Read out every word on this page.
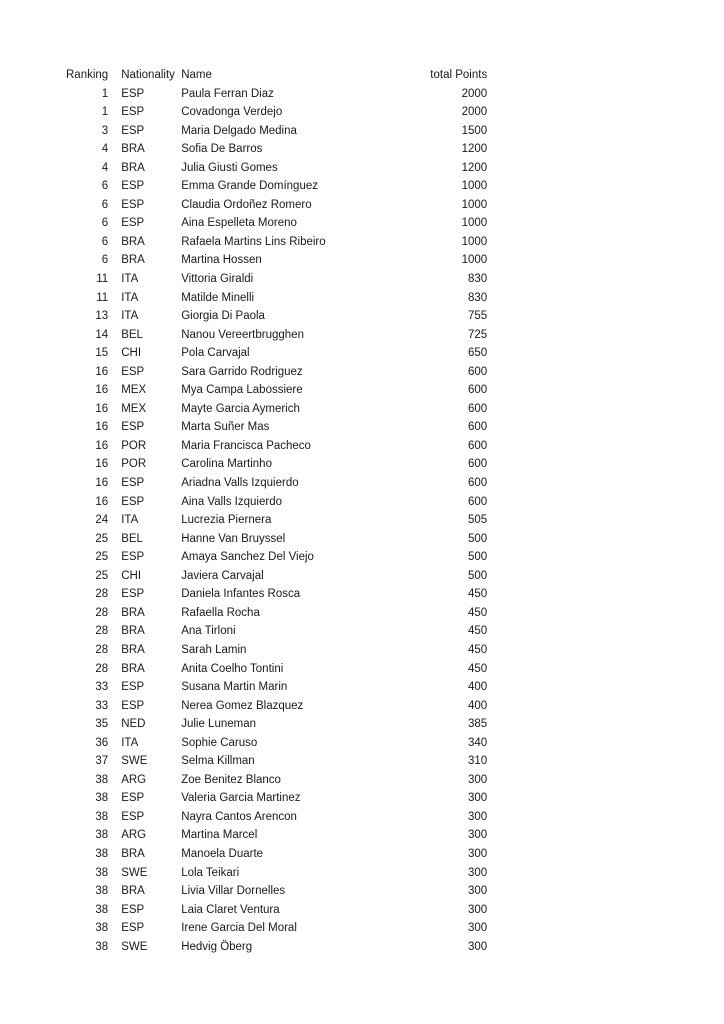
Ranking	Nationality	Name	total Points
1	ESP	Paula Ferran Diaz	2000
1	ESP	Covadonga Verdejo	2000
3	ESP	Maria Delgado Medina	1500
4	BRA	Sofia De Barros	1200
4	BRA	Julia Giusti Gomes	1200
6	ESP	Emma Grande Domínguez	1000
6	ESP	Claudia Ordoñez Romero	1000
6	ESP	Aina Espelleta Moreno	1000
6	BRA	Rafaela Martins Lins Ribeiro	1000
6	BRA	Martina Hossen	1000
11	ITA	Vittoria Giraldi	830
11	ITA	Matilde Minelli	830
13	ITA	Giorgia Di Paola	755
14	BEL	Nanou Vereertbrugghen	725
15	CHI	Pola Carvajal	650
16	ESP	Sara Garrido Rodriguez	600
16	MEX	Mya Campa Labossiere	600
16	MEX	Mayte Garcia Aymerich	600
16	ESP	Marta Suñer Mas	600
16	POR	Maria Francisca Pacheco	600
16	POR	Carolina Martinho	600
16	ESP	Ariadna Valls Izquierdo	600
16	ESP	Aina Valls Izquierdo	600
24	ITA	Lucrezia Piernera	505
25	BEL	Hanne Van Bruyssel	500
25	ESP	Amaya Sanchez Del Viejo	500
25	CHI	Javiera Carvajal	500
28	ESP	Daniela Infantes Rosca	450
28	BRA	Rafaella Rocha	450
28	BRA	Ana Tirloni	450
28	BRA	Sarah Lamin	450
28	BRA	Anita Coelho Tontini	450
33	ESP	Susana Martin Marin	400
33	ESP	Nerea Gomez Blazquez	400
35	NED	Julie Luneman	385
36	ITA	Sophie Caruso	340
37	SWE	Selma Killman	310
38	ARG	Zoe Benitez Blanco	300
38	ESP	Valeria Garcia Martinez	300
38	ESP	Nayra Cantos Arencon	300
38	ARG	Martina Marcel	300
38	BRA	Manoela Duarte	300
38	SWE	Lola Teikari	300
38	BRA	Livia Villar Dornelles	300
38	ESP	Laia Claret Ventura	300
38	ESP	Irene Garcia Del Moral	300
38	SWE	Hedvig Öberg	300
